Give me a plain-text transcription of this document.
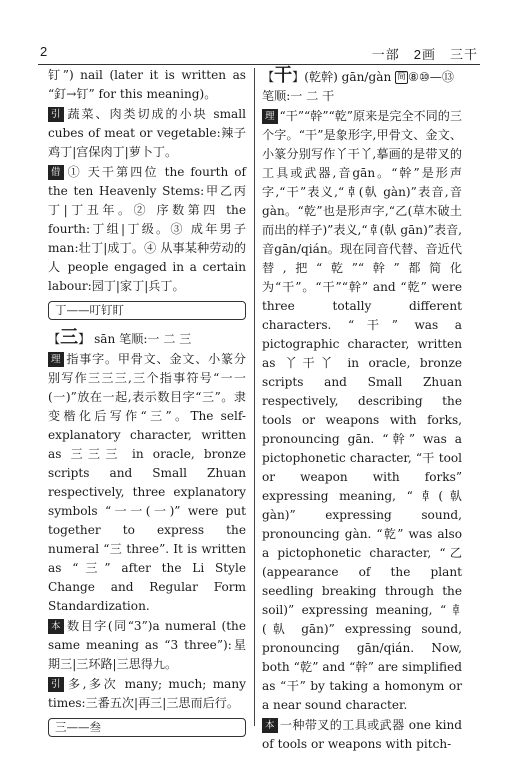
2	一部　2画　三干

钉”) nail (later it is written as “釘→钉” for this meaning)。

引 蔬菜、肉类切成的小块 small cubes of meat or vegetable:辣子鸡丁|宫保肉丁|萝卜丁。

借 ① 天干第四位 the fourth of the ten Heavenly Stems:甲乙丙丁|丁丑年。② 序数第四 the fourth:丁组|丁级。③ 成年男子 man:壮丁|成丁。④ 从事某种劳动的人 people engaged in a certain labour:园丁|家丁|兵丁。

丁——叮钉盯

【三】 sān 笔顺:一 二 三

理 指事字。甲骨文、金文、小篆分别写作三三三,三个指事符号“一一(一)”放在一起,表示数目字“三”。隶变楷化后写作“三”。The self-explanatory character, written as 三三三 in oracle, bronze scripts and Small Zhuan respectively, three explanatory symbols “一一(一)” were put together to express the numeral “三 three”. It is written as “三” after the Li Style Change and Regular Form Standardization.

本 数目字(同“3”)a numeral (the same meaning as “3 three”):星期三|三环路|三思得九。

引 多,多次 many; much; many times:三番五次|再三|三思而后行。

三——叁

【干】(乾幹) gān/gàn 简 ⑧⑩—⑬

笔顺:一 二 干

理 “干”“幹”“乾”原来是完全不同的三个字。“干”是象形字,甲骨文、金文、小篆分别写作丫干丫,摹画的是带叉的工具或武器,音gān。“幹”是形声字,“干”表义,“𠦝(倝 gàn)”表音,音gàn。“乾”也是形声字,“乙(草木破土而出的样子)”表义,“𠦝(倝 gān)”表音,音gān/qián。现在同音代替、音近代替,把“乾”“幹”都简化为“干”。“干”“幹” and “乾” were three totally different characters. “干” was a pictographic character, written as 丫干丫 in oracle, bronze scripts and Small Zhuan respectively, describing the tools or weapons with forks, pronouncing gān. “幹” was a pictophonetic character, “干 tool or weapon with forks” expressing meaning, “𠦝(倝 gàn)” expressing sound, pronouncing gàn. “乾” was also a pictophonetic character, “乙(appearance of the plant seedling breaking through the soil)” expressing meaning, “𠦝(倝 gān)” expressing sound, pronouncing gān/qián. Now, both “乾” and “幹” are simplified as “干” by taking a homonym or a near sound character.

本 一种带叉的工具或武器 one kind of tools or weapons with pitch-
